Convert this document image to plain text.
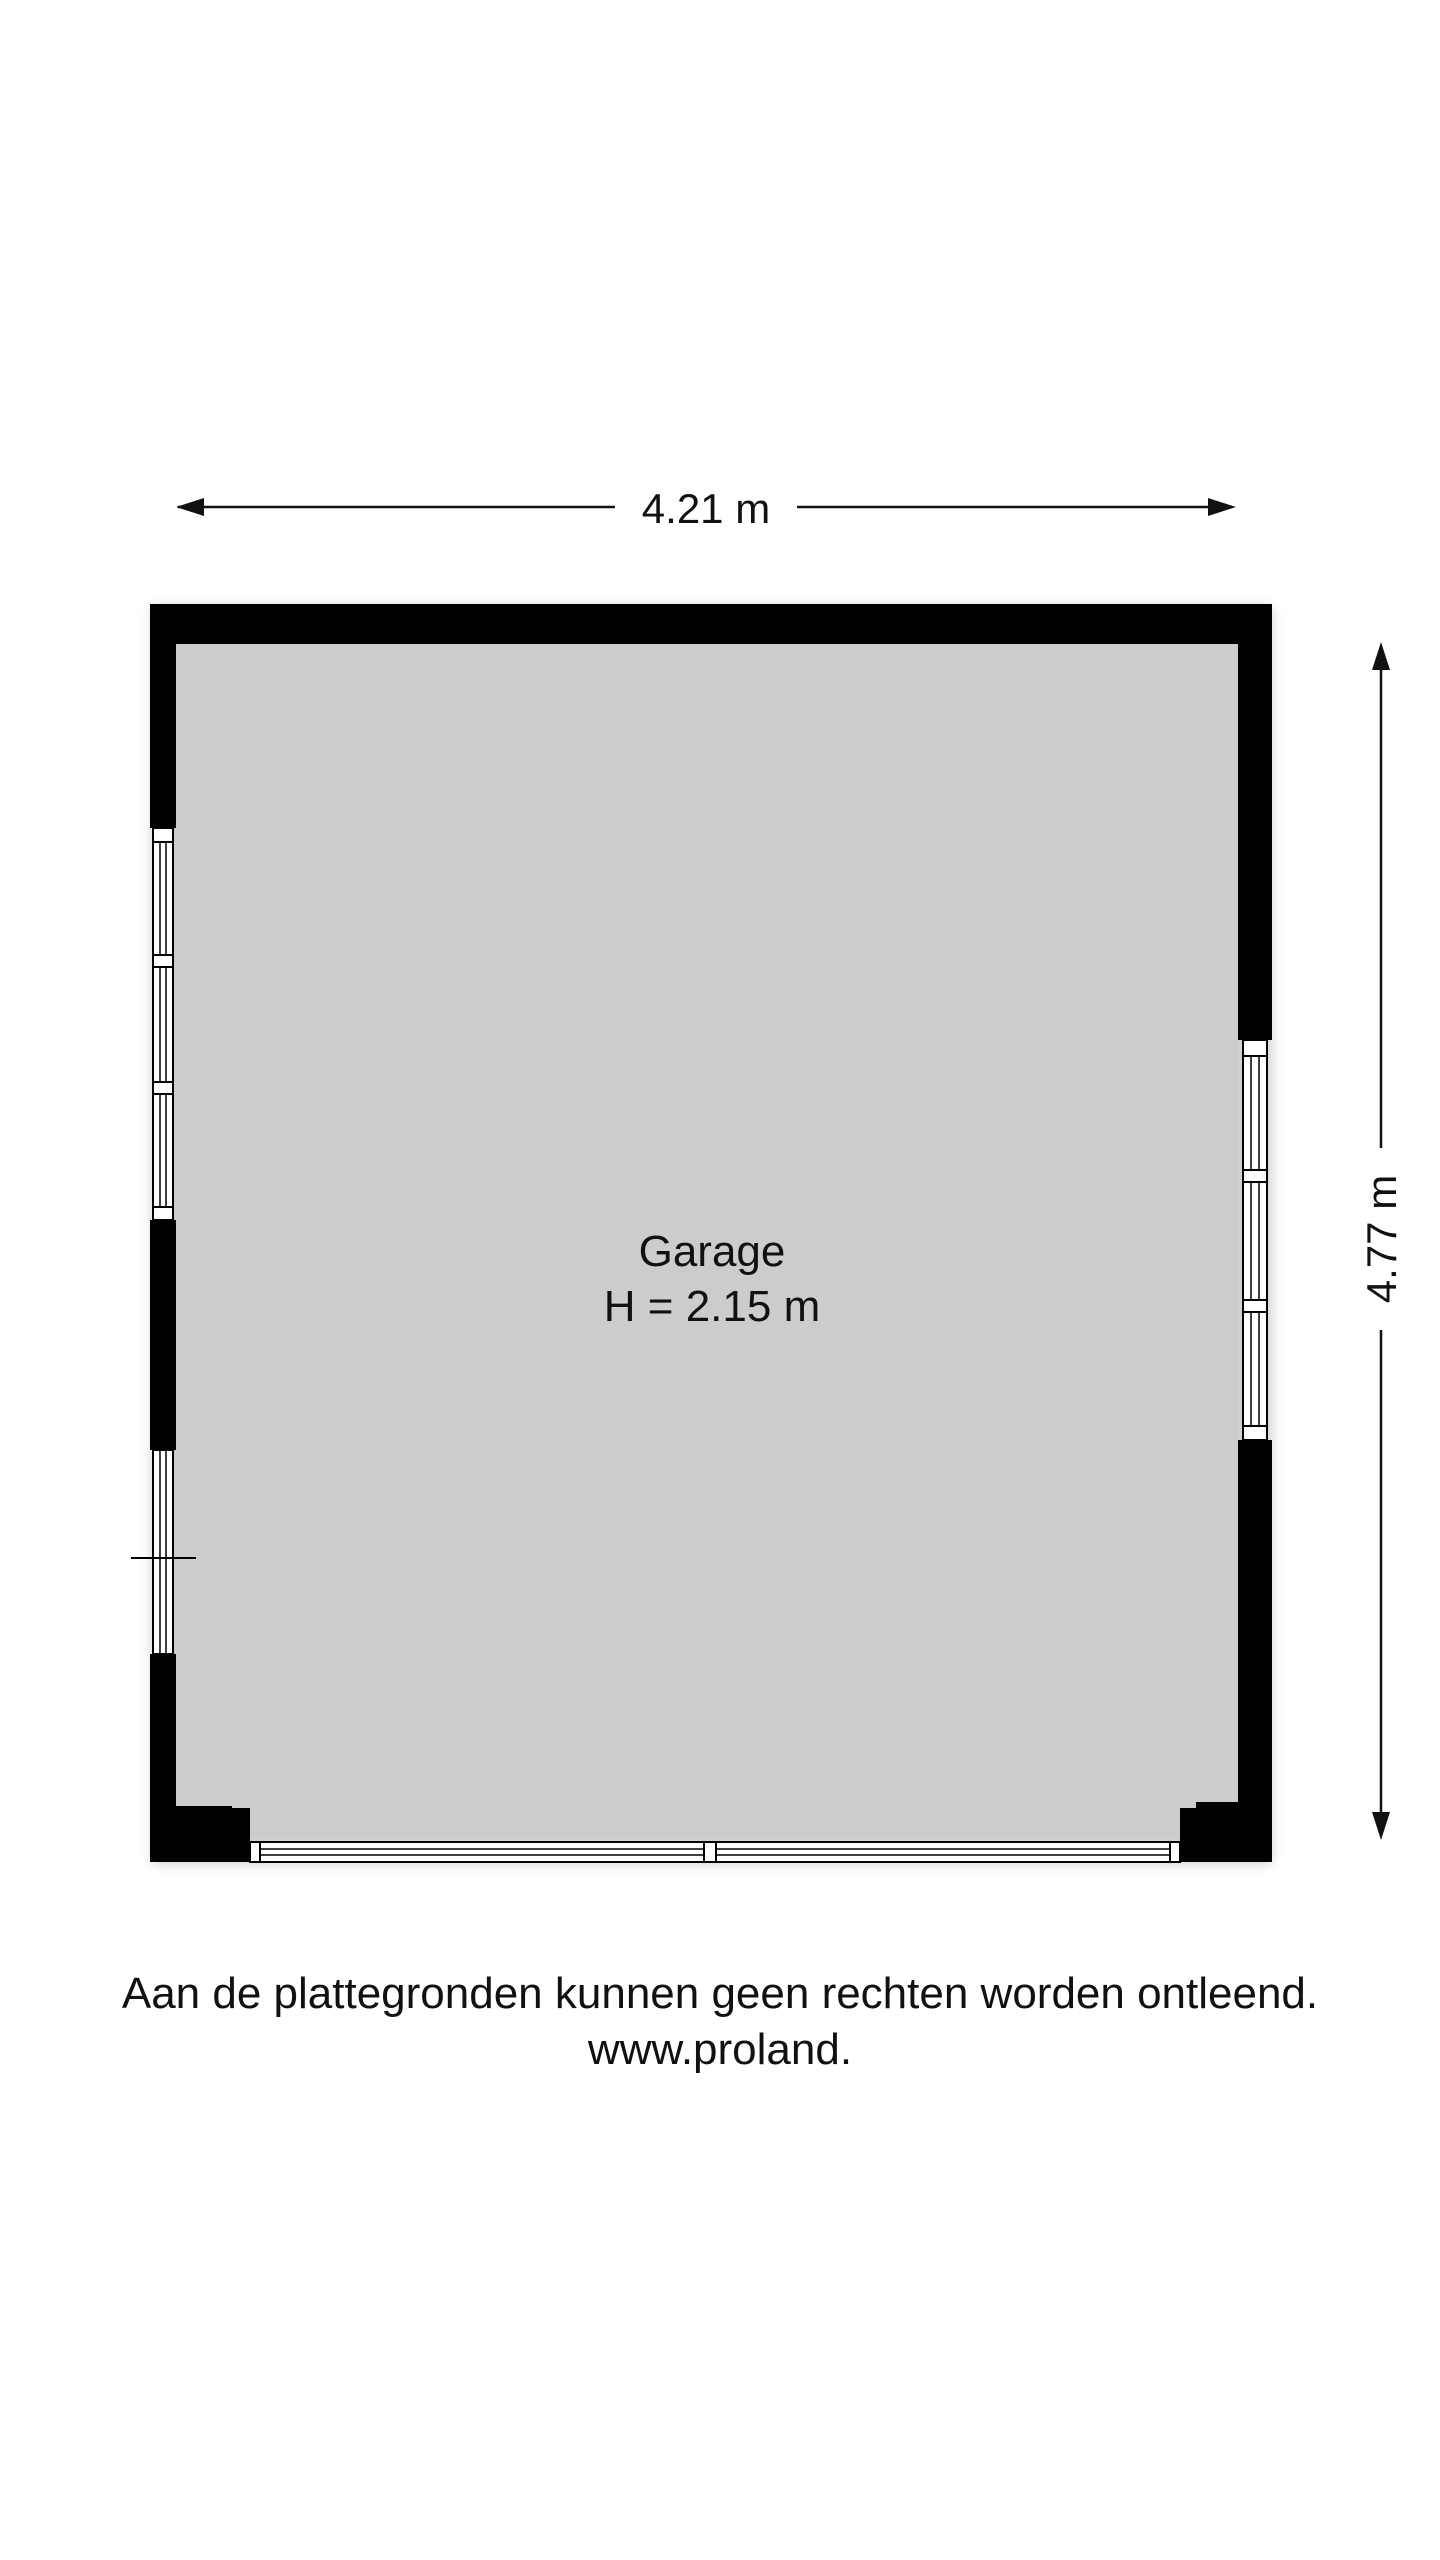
4.21 m
4.77 m
Garage
H = 2.15 m
Aan de plattegronden kunnen geen rechten worden ontleend.
www.proland.
